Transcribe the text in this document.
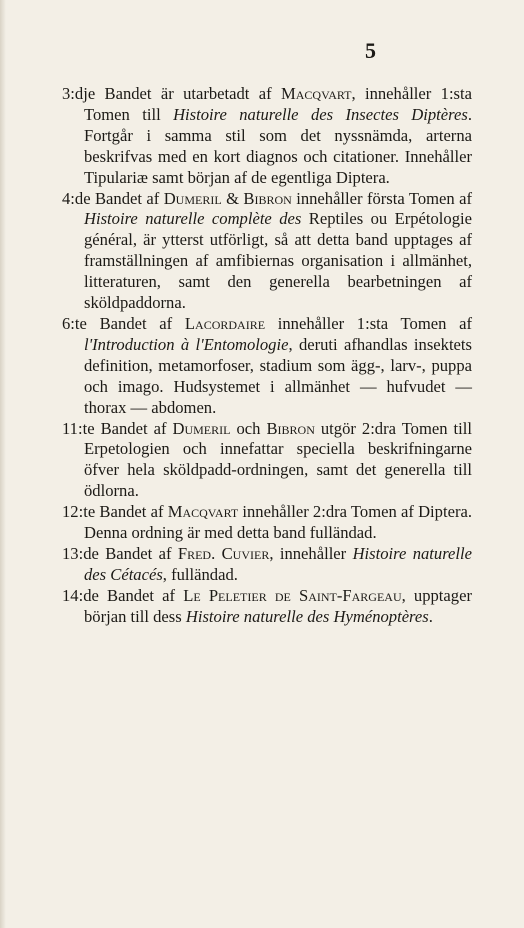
5

3:dje Bandet är utarbetadt af Macqvart, innehåller 1:sta Tomen till Histoire naturelle des Insectes Diptères. Fortgår i samma stil som det nyssnämda, arterna beskrifvas med en kort diagnos och citationer. Innehåller Tipulariæ samt början af de egentliga Diptera.

4:de Bandet af Dumeril & Bibron innehåller första Tomen af Histoire naturelle complète des Reptiles ou Erpétologie général, är ytterst utförligt, så att detta band upptages af framställningen af amfibiernas organisation i allmänhet, litteraturen, samt den generella bearbetningen af sköldpaddorna.

6:te Bandet af Lacordaire innehåller 1:sta Tomen af l'Introduction à l'Entomologie, deruti afhandlas insektets definition, metamorfoser, stadium som ägg-, larv-, puppa och imago. Hudsystemet i allmänhet — hufvudet — thorax — abdomen.

11:te Bandet af Dumeril och Bibron utgör 2:dra Tomen till Erpetologien och innefattar speciella beskrifningarne öfver hela sköldpadd-ordningen, samt det generella till ödlorna.

12:te Bandet af Macqvart innehåller 2:dra Tomen af Diptera. Denna ordning är med detta band fulländad.

13:de Bandet af Fred. Cuvier, innehåller Histoire naturelle des Cétacés, fulländad.

14:de Bandet af Le Peletier de Saint-Fargeau, upptager början till dess Histoire naturelle des Hyménoptères.
